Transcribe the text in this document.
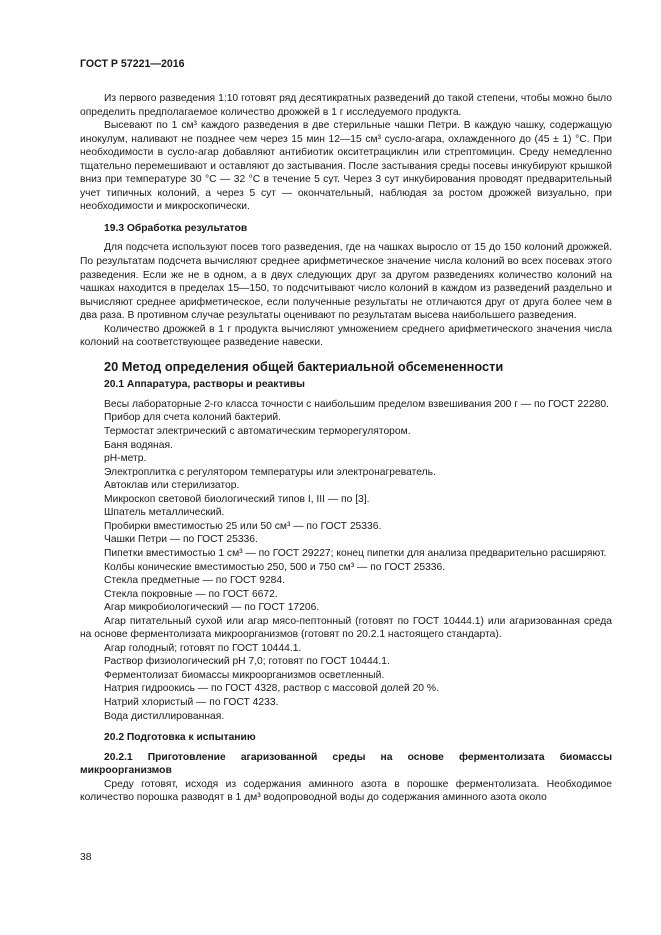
ГОСТ Р 57221—2016

Из первого разведения 1:10 готовят ряд десятикратных разведений до такой степени, чтобы можно было определить предполагаемое количество дрожжей в 1 г исследуемого продукта.

Высевают по 1 см³ каждого разведения в две стерильные чашки Петри. В каждую чашку, содержащую инокулум, наливают не позднее чем через 15 мин 12—15 см³ сусло-агара, охлажденного до (45 ± 1) °С. При необходимости в сусло-агар добавляют антибиотик окситетрациклин или стрептомицин. Среду немедленно тщательно перемешивают и оставляют до застывания. После застывания среды посевы инкубируют крышкой вниз при температуре 30 °С — 32 °С в течение 5 сут. Через 3 сут инкубирования проводят предварительный учет типичных колоний, а через 5 сут — окончательный, наблюдая за ростом дрожжей визуально, при необходимости и микроскопически.

19.3 Обработка результатов

Для подсчета используют посев того разведения, где на чашках выросло от 15 до 150 колоний дрожжей. По результатам подсчета вычисляют среднее арифметическое значение числа колоний во всех посевах этого разведения. Если же не в одном, а в двух следующих друг за другом разведениях количество колоний на чашках находится в пределах 15—150, то подсчитывают число колоний в каждом из разведений раздельно и вычисляют среднее арифметическое, если полученные результаты не отличаются друг от друга более чем в два раза. В противном случае результаты оценивают по результатам высева наибольшего разведения.

Количество дрожжей в 1 г продукта вычисляют умножением среднего арифметического значения числа колоний на соответствующее разведение навески.

20 Метод определения общей бактериальной обсемененности
20.1 Аппаратура, растворы и реактивы

Весы лабораторные 2-го класса точности с наибольшим пределом взвешивания 200 г — по ГОСТ 22280.

Прибор для счета колоний бактерий.
Термостат электрический с автоматическим терморегулятором.
Баня водяная.
рН-метр.
Электроплитка с регулятором температуры или электронагреватель.
Автоклав или стерилизатор.
Микроскоп световой биологический типов I, III — по [3].
Шпатель металлический.
Пробирки вместимостью 25 или 50 см³ — по ГОСТ 25336.
Чашки Петри — по ГОСТ 25336.

Пипетки вместимостью 1 см³ — по ГОСТ 29227; конец пипетки для анализа предварительно расширяют.

Колбы конические вместимостью 250, 500 и 750 см³ — по ГОСТ 25336.
Стекла предметные — по ГОСТ 9284.
Стекла покровные — по ГОСТ 6672.
Агар микробиологический — по ГОСТ 17206.

Агар питательный сухой или агар мясо-пептонный (готовят по ГОСТ 10444.1) или агаризованная среда на основе ферментолизата микроорганизмов (готовят по 20.2.1 настоящего стандарта).

Агар голодный; готовят по ГОСТ 10444.1.
Раствор физиологический рН 7,0; готовят по ГОСТ 10444.1.
Ферментолизат биомассы микроорганизмов осветленный.
Натрия гидроокись — по ГОСТ 4328, раствор с массовой долей 20 %.
Натрий хлористый — по ГОСТ 4233.
Вода дистиллированная.
20.2 Подготовка к испытанию
20.2.1 Приготовление агаризованной среды на основе ферментолизата биомассы микроорганизмов

Среду готовят, исходя из содержания аминного азота в порошке ферментолизата. Необходимое количество порошка разводят в 1 дм³ водопроводной воды до содержания аминного азота около

38
